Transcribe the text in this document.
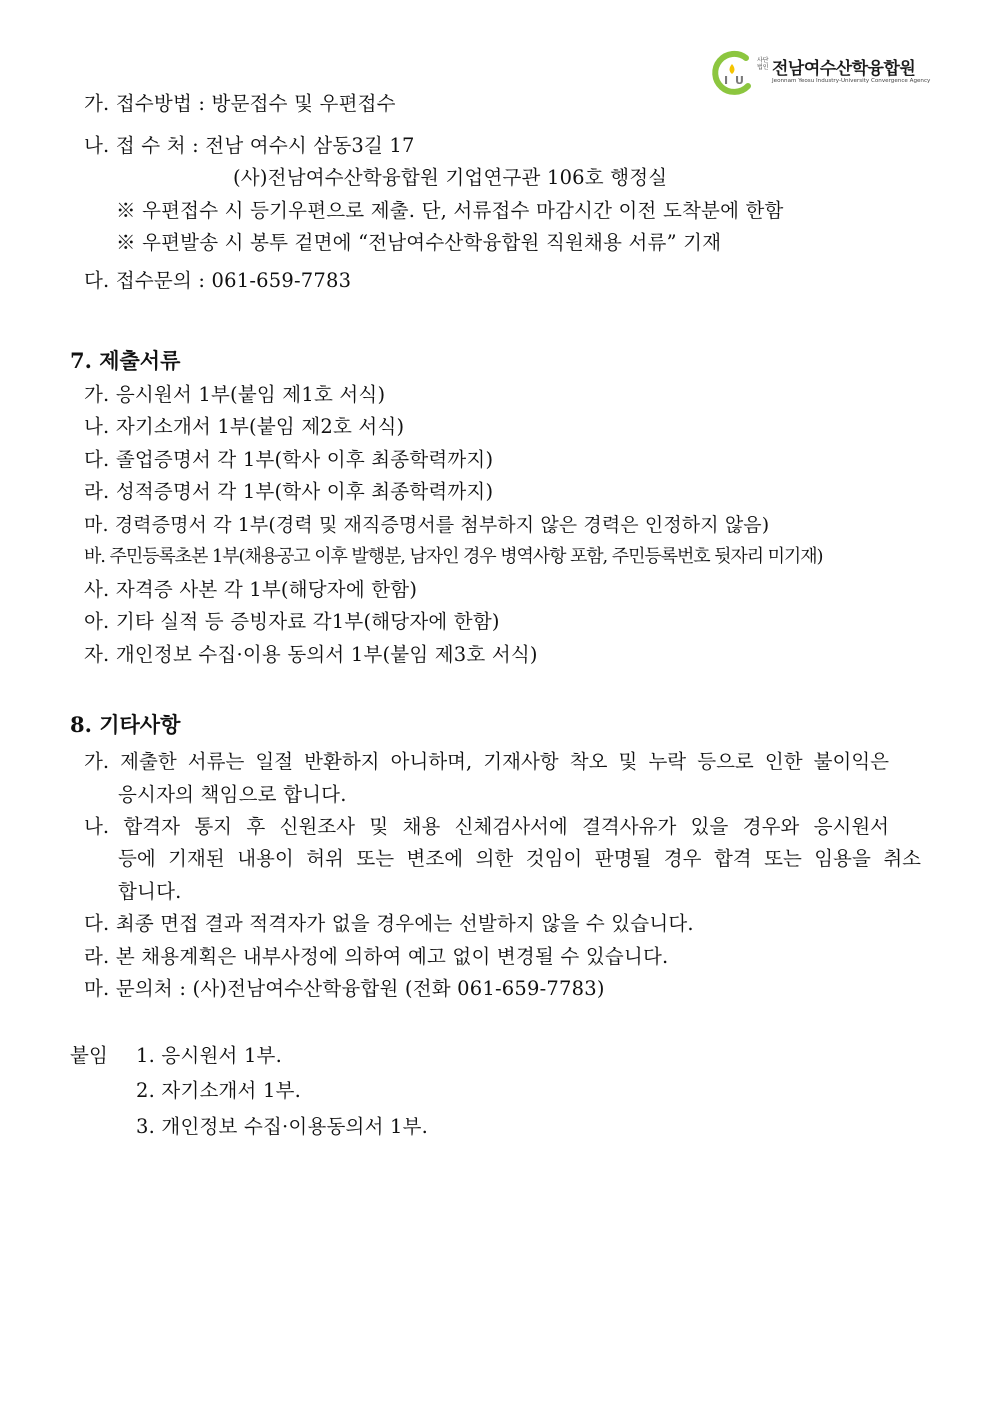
I U
사단법인 전남여수산학융합원
Jeonnam Yeosu Industry-University Convergence Agency
가. 접수방법 : 방문접수 및 우편접수
나. 접 수 처 : 전남 여수시 삼동3길 17
(사)전남여수산학융합원 기업연구관 106호 행정실
※ 우편접수 시 등기우편으로 제출. 단, 서류접수 마감시간 이전 도착분에 한함
※ 우편발송 시 봉투 겉면에 “전남여수산학융합원 직원채용 서류” 기재
다. 접수문의 : 061-659-7783
7. 제출서류
가. 응시원서 1부(붙임 제1호 서식)
나. 자기소개서 1부(붙임 제2호 서식)
다. 졸업증명서 각 1부(학사 이후 최종학력까지)
라. 성적증명서 각 1부(학사 이후 최종학력까지)
마. 경력증명서 각 1부(경력 및 재직증명서를 첨부하지 않은 경력은 인정하지 않음)
바. 주민등록초본 1부(채용공고 이후 발행분, 남자인 경우 병역사항 포함, 주민등록번호 뒷자리 미기재)
사. 자격증 사본 각 1부(해당자에 한함)
아. 기타 실적 등 증빙자료 각1부(해당자에 한함)
자. 개인정보 수집·이용 동의서 1부(붙임 제3호 서식)
8. 기타사항
가. 제출한 서류는 일절 반환하지 아니하며, 기재사항 착오 및 누락 등으로 인한 불이익은
응시자의 책임으로 합니다.
나. 합격자 통지 후 신원조사 및 채용 신체검사서에 결격사유가 있을 경우와 응시원서
등에 기재된 내용이 허위 또는 변조에 의한 것임이 판명될 경우 합격 또는 임용을 취소
합니다.
다. 최종 면접 결과 적격자가 없을 경우에는 선발하지 않을 수 있습니다.
라. 본 채용계획은 내부사정에 의하여 예고 없이 변경될 수 있습니다.
마. 문의처 : (사)전남여수산학융합원 (전화 061-659-7783)
붙임 1. 응시원서 1부.
2. 자기소개서 1부.
3. 개인정보 수집·이용동의서 1부.
